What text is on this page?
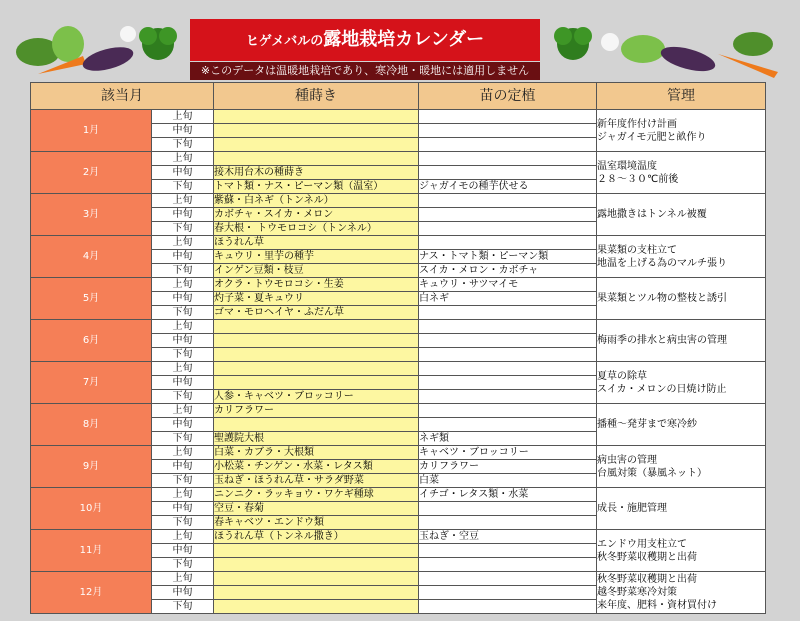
ヒゲメバルの露地栽培カレンダー
※このデータは温暖地栽培であり、寒冷地・暖地には適用しません
該当月		種蒔き	苗の定植	管理
1月	上旬			新年度作付け計画
ジャガイモ元肥と畝作り

	中旬			
	下旬			
2月	上旬			温室環境温度
２８～３０℃前後

	中旬	接木用台木の種蒔き		
	下旬	トマト類・ナス・ピーマン類（温室）	ジャガイモの種芋伏せる	
3月	上旬	紫蘇・白ネギ（トンネル）		露地撒きはトンネル被覆

	中旬	カボチャ・スイカ・メロン		
	下旬	春大根・ トウモロコシ（トンネル）		
4月	上旬	ほうれん草		果菜類の支柱立て
地温を上げる為のマルチ張り

	中旬	キュウリ・里芋の種芋	ナス・トマト類・ピーマン類	
	下旬	インゲン豆類・枝豆	スイカ・メロン・カボチャ	
5月	上旬	オクラ・トウモロコシ・生姜	キュウリ・サツマイモ	果菜類とツル物の整枝と誘引

	中旬	灼子菜・夏キュウリ	白ネギ	
	下旬	ゴマ・モロヘイヤ・ふだん草		
6月	上旬			梅雨季の排水と病虫害の管理

	中旬			
	下旬			
7月	上旬			夏草の除草
スイカ・メロンの日焼け防止

	中旬			
	下旬	人参・キャベツ・ブロッコリー		
8月	上旬	カリフラワー		播種～発芽まで寒冷紗

	中旬			
	下旬	聖護院大根	ネギ類	
9月	上旬	白菜・カブラ・大根類	キャベツ・ブロッコリー	病虫害の管理
台風対策（暴風ネット）

	中旬	小松菜・チンゲン・水菜・レタス類	カリフラワー	
	下旬	玉ねぎ・ほうれん草・サラダ野菜	白菜	
10月	上旬	ニンニク・ラッキョウ・ワケギ種球	イチゴ・レタス類・水菜	成長・施肥管理

	中旬	空豆・春菊		
	下旬	春キャベツ・エンドウ類		
11月	上旬	ほうれん草（トンネル撒き）	玉ねぎ・空豆	エンドウ用支柱立て
秋冬野菜収穫期と出荷

	中旬			
	下旬			
12月	上旬			秋冬野菜収穫期と出荷
越冬野菜寒冷対策
来年度、肥料・資材買付け

	中旬			
	下旬			
